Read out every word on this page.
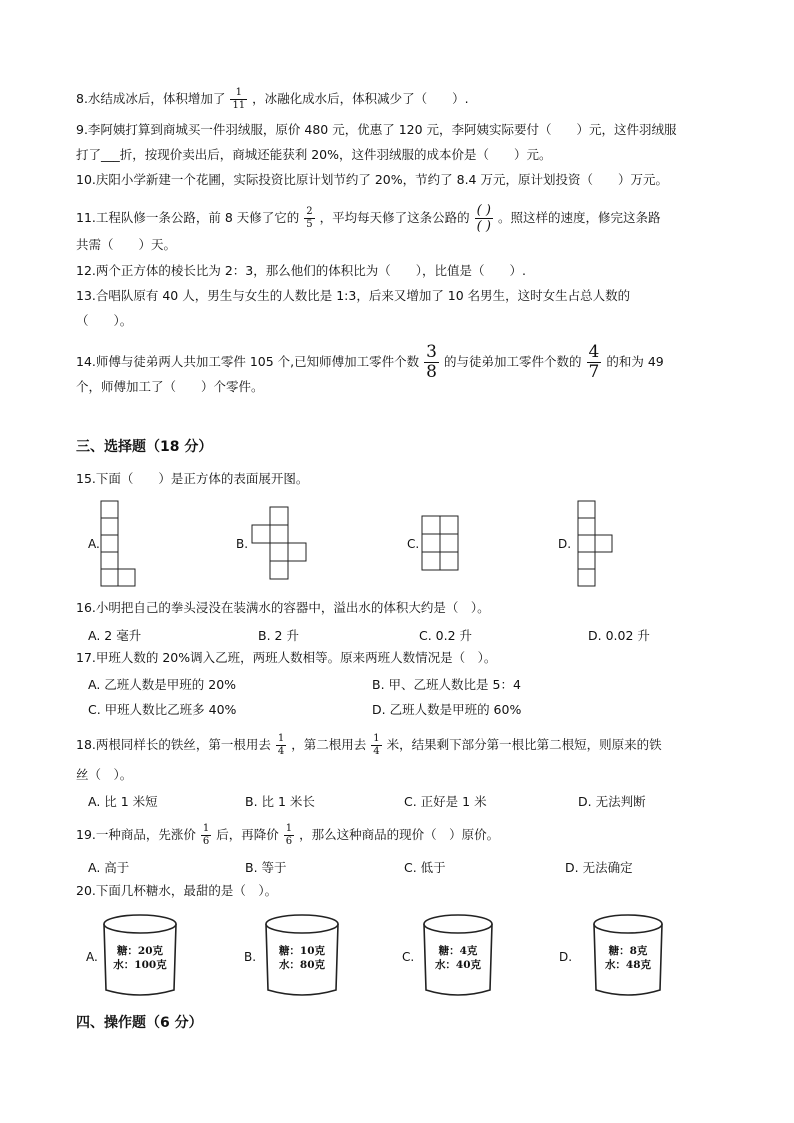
8.水结成冰后，体积增加了 $\frac{1}{11}$ ，冰融化成水后，体积减少了（　　）.
9.李阿姨打算到商城买一件羽绒服，原价 480 元，优惠了 120 元，李阿姨实际要付（　　）元，这件羽绒服
打了___折，按现价卖出后，商城还能获利 20%，这件羽绒服的成本价是（　　）元。
10.庆阳小学新建一个花圃，实际投资比原计划节约了 20%，节约了 8.4 万元，原计划投资（　　）万元。
11.工程队修一条公路，前 8 天修了它的 $\frac{2}{5}$ ，平均每天修了这条公路的 $\frac{( )}{( )}$ 。照这样的速度，修完这条路
共需（　　）天。
12.两个正方体的棱长比为 2：3，那么他们的体积比为（　　），比值是（　　）.
13.合唱队原有 40 人，男生与女生的人数比是 1:3，后来又增加了 10 名男生，这时女生占总人数的
（　　）。
14.师傅与徒弟两人共加工零件 105 个,已知师傅加工零件个数 $\frac{3}{8}$ 的与徒弟加工零件个数的 $\frac{4}{7}$ 的和为 49
个，师傅加工了（　　）个零件。
三、选择题（18 分）
15.下面（　　）是正方体的表面展开图。
A.	B.	C.	D.
16.小明把自己的拳头浸没在装满水的容器中，溢出水的体积大约是（　）。
A. 2 毫升	B. 2 升	C. 0.2 升	D. 0.02 升
17.甲班人数的 20%调入乙班，两班人数相等。原来两班人数情况是（　）。
A. 乙班人数是甲班的 20%	B. 甲、乙班人数比是 5：4
C. 甲班人数比乙班多 40%	D. 乙班人数是甲班的 60%
18.两根同样长的铁丝，第一根用去 $\frac{1}{4}$ ，第二根用去 $\frac{1}{4}$ 米，结果剩下部分第一根比第二根短，则原来的铁
丝（　）。
A. 比 1 米短	B. 比 1 米长	C. 正好是 1 米	D. 无法判断
19.一种商品，先涨价 $\frac{1}{6}$ 后，再降价 $\frac{1}{6}$ ，那么这种商品的现价（　）原价。
A. 高于	B. 等于	C. 低于	D. 无法确定
20.下面几杯糖水，最甜的是（　）。
A.	糖：20克
水：100克
B.	糖：10克
水：80克
C.	糖：4克
水：40克
D.	糖：8克
水：48克
四、操作题（6 分）
